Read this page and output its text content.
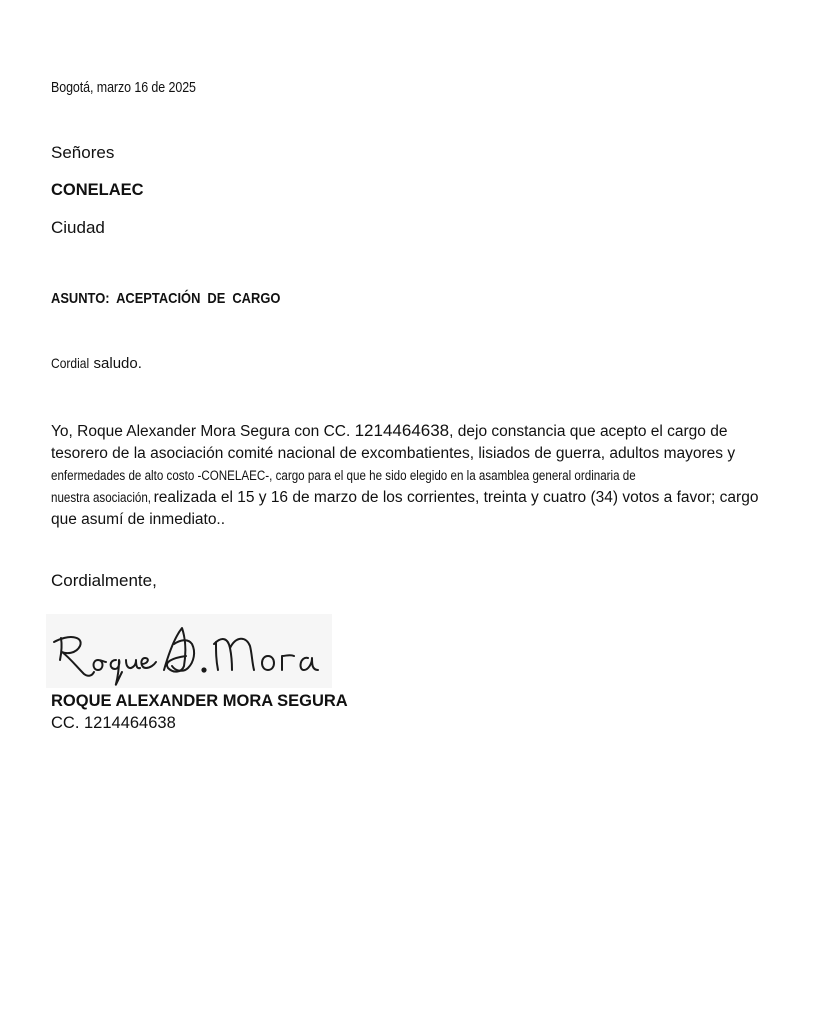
Bogotá, marzo 16 de 2025
Señores
CONELAEC
Ciudad
ASUNTO: ACEPTACIÓN DE CARGO
Cordial saludo.
Yo, Roque Alexander Mora Segura con CC. 1214464638, dejo constancia que acepto el cargo de
tesorero de la asociación comité nacional de excombatientes, lisiados de guerra, adultos mayores y
enfermedades de alto costo -CONELAEC-, cargo para el que he sido elegido en la asamblea general ordinaria de
nuestra asociación, realizada el 15 y 16 de marzo de los corrientes, treinta y cuatro (34) votos a favor; cargo
que asumí de inmediato..
Cordialmente,
ROQUE ALEXANDER MORA SEGURA
CC. 1214464638
